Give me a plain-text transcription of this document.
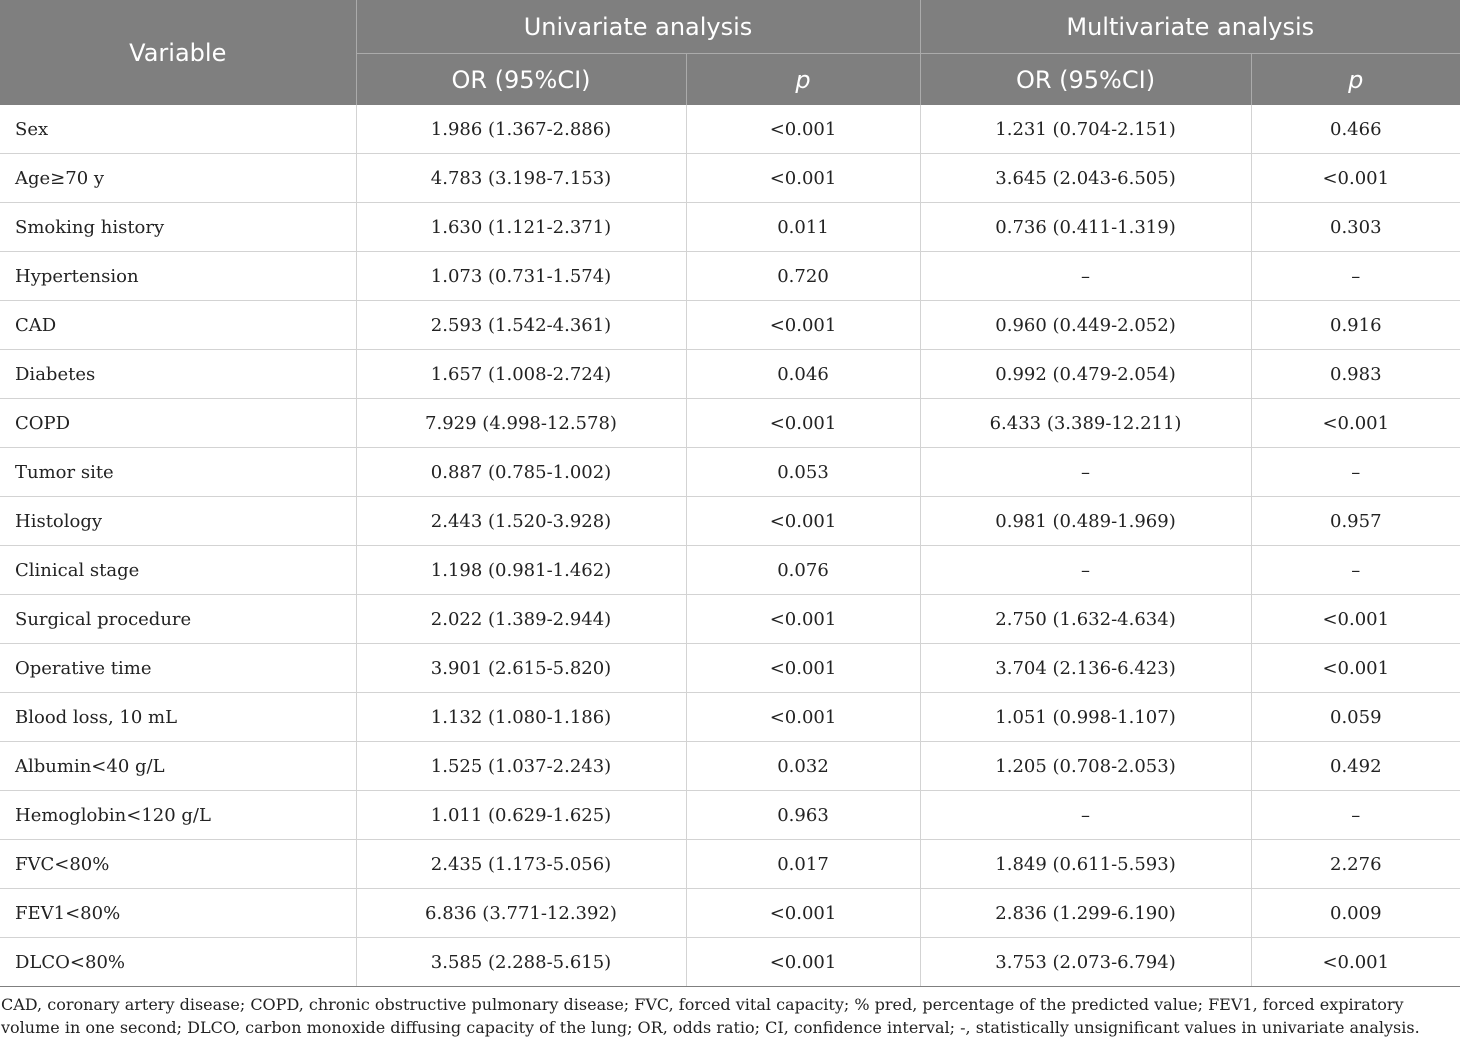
Variable	Univariate analysis		Multivariate analysis	
	OR (95%CI)	p	OR (95%CI)	p
Sex	1.986 (1.367-2.886)	<0.001	1.231 (0.704-2.151)	0.466
Age≥70 y	4.783 (3.198-7.153)	<0.001	3.645 (2.043-6.505)	<0.001
Smoking history	1.630 (1.121-2.371)	0.011	0.736 (0.411-1.319)	0.303
Hypertension	1.073 (0.731-1.574)	0.720	–	–
CAD	2.593 (1.542-4.361)	<0.001	0.960 (0.449-2.052)	0.916
Diabetes	1.657 (1.008-2.724)	0.046	0.992 (0.479-2.054)	0.983
COPD	7.929 (4.998-12.578)	<0.001	6.433 (3.389-12.211)	<0.001
Tumor site	0.887 (0.785-1.002)	0.053	–	–
Histology	2.443 (1.520-3.928)	<0.001	0.981 (0.489-1.969)	0.957
Clinical stage	1.198 (0.981-1.462)	0.076	–	–
Surgical procedure	2.022 (1.389-2.944)	<0.001	2.750 (1.632-4.634)	<0.001
Operative time	3.901 (2.615-5.820)	<0.001	3.704 (2.136-6.423)	<0.001
Blood loss, 10 mL	1.132 (1.080-1.186)	<0.001	1.051 (0.998-1.107)	0.059
Albumin<40 g/L	1.525 (1.037-2.243)	0.032	1.205 (0.708-2.053)	0.492
Hemoglobin<120 g/L	1.011 (0.629-1.625)	0.963	–	–
FVC<80%	2.435 (1.173-5.056)	0.017	1.849 (0.611-5.593)	2.276
FEV1<80%	6.836 (3.771-12.392)	<0.001	2.836 (1.299-6.190)	0.009
DLCO<80%	3.585 (2.288-5.615)	<0.001	3.753 (2.073-6.794)	<0.001
CAD, coronary artery disease; COPD, chronic obstructive pulmonary disease; FVC, forced vital capacity; % pred, percentage of the predicted value; FEV1, forced expiratory volume in one second; DLCO, carbon monoxide diffusing capacity of the lung; OR, odds ratio; CI, confidence interval; -, statistically unsignificant values in univariate analysis.
